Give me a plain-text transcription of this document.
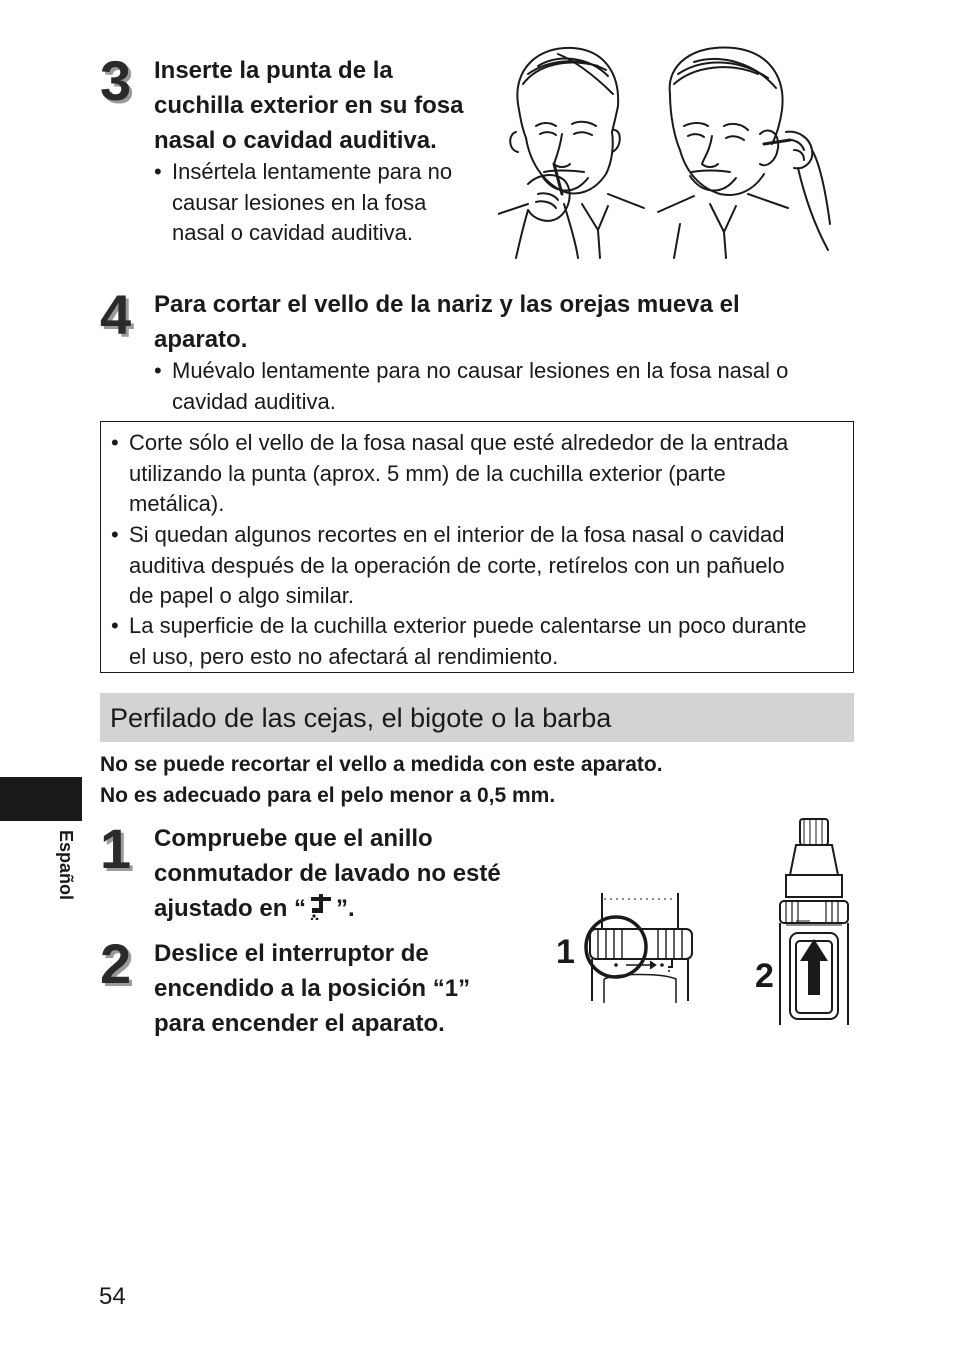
3 Inserte la punta de la
cuchilla exterior en su fosa
nasal o cavidad auditiva.
• Insértela lentamente para no
causar lesiones en la fosa
nasal o cavidad auditiva.
4 Para cortar el vello de la nariz y las orejas mueva el
aparato.
• Muévalo lentamente para no causar lesiones en la fosa nasal o
cavidad auditiva.
• Corte sólo el vello de la fosa nasal que esté alrededor de la entrada
utilizando la punta (aprox. 5 mm) de la cuchilla exterior (parte
metálica).
• Si quedan algunos recortes en el interior de la fosa nasal o cavidad
auditiva después de la operación de corte, retírelos con un pañuelo
de papel o algo similar.
• La superficie de la cuchilla exterior puede calentarse un poco durante
el uso, pero esto no afectará al rendimiento.
Perfilado de las cejas, el bigote o la barba
No se puede recortar el vello a medida con este aparato.
No es adecuado para el pelo menor a 0,5 mm.
Español 1 Compruebe que el anillo
conmutador de lavado no esté
ajustado en “ ”.
2 Deslice el interruptor de
encendido a la posición “1”
para encender el aparato.
1
2
54
